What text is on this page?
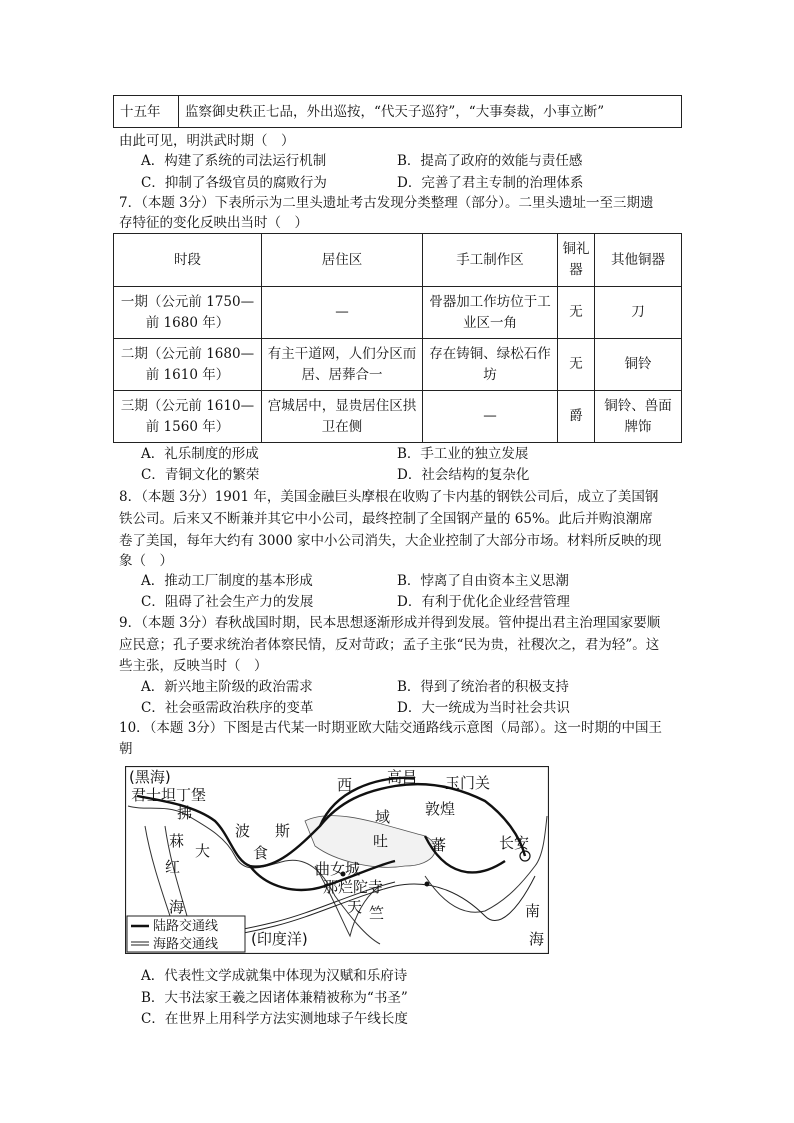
十五年	监察御史秩正七品，外出巡按，“代天子巡狩”，“大事奏裁，小事立断”
由此可见，明洪武时期（　）
A．构建了系统的司法运行机制	B．提高了政府的效能与责任感
C．抑制了各级官员的腐败行为	D．完善了君主专制的治理体系
7．（本题 3分）下表所示为二里头遗址考古发现分类整理（部分）。二里头遗址一至三期遗
存特征的变化反映出当时（　）
时段	居住区	手工制作区	铜礼器	其他铜器
一期（公元前 1750—前 1680 年）	—	骨器加工作坊位于工业区一角	无	刀
二期（公元前 1680—前 1610 年）	有主干道网，人们分区而居、居葬合一	存在铸铜、绿松石作坊	无	铜铃
三期（公元前 1610—前 1560 年）	宫城居中，显贵居住区拱卫在侧	—	爵	铜铃、兽面牌饰
A．礼乐制度的形成	B．手工业的独立发展
C．青铜文化的繁荣	D．社会结构的复杂化
8．（本题 3分）1901 年，美国金融巨头摩根在收购了卡内基的钢铁公司后，成立了美国钢
铁公司。后来又不断兼并其它中小公司，最终控制了全国钢产量的 65%。此后并购浪潮席
卷了美国，每年大约有 3000 家中小公司消失，大企业控制了大部分市场。材料所反映的现
象（　）
A．推动工厂制度的基本形成	B．悖离了自由资本主义思潮
C．阻碍了社会生产力的发展	D．有利于优化企业经营管理
9．（本题 3分）春秋战国时期，民本思想逐渐形成并得到发展。管仲提出君主治理国家要顺
应民意；孔子要求统治者体察民情，反对苛政；孟子主张“民为贵，社稷次之，君为轻”。这
些主张，反映当时（　）
A．新兴地主阶级的政治需求	B．得到了统治者的积极支持
C．社会亟需政治秩序的变革	D．大一统成为当时社会共识
10．（本题 3分）下图是古代某一时期亚欧大陆交通路线示意图（局部）。这一时期的中国王
朝
(黑海)
君士坦丁堡
拂
菻
大
西
域
高昌 玉门关
敦煌
波 斯
食
吐	蕃	长安
红
海
曲女城
那烂陀寺
天 竺	南
海
(印度洋)
陆路交通线
海路交通线
A．代表性文学成就集中体现为汉赋和乐府诗
B．大书法家王羲之因诸体兼精被称为“书圣”
C．在世界上用科学方法实测地球子午线长度
